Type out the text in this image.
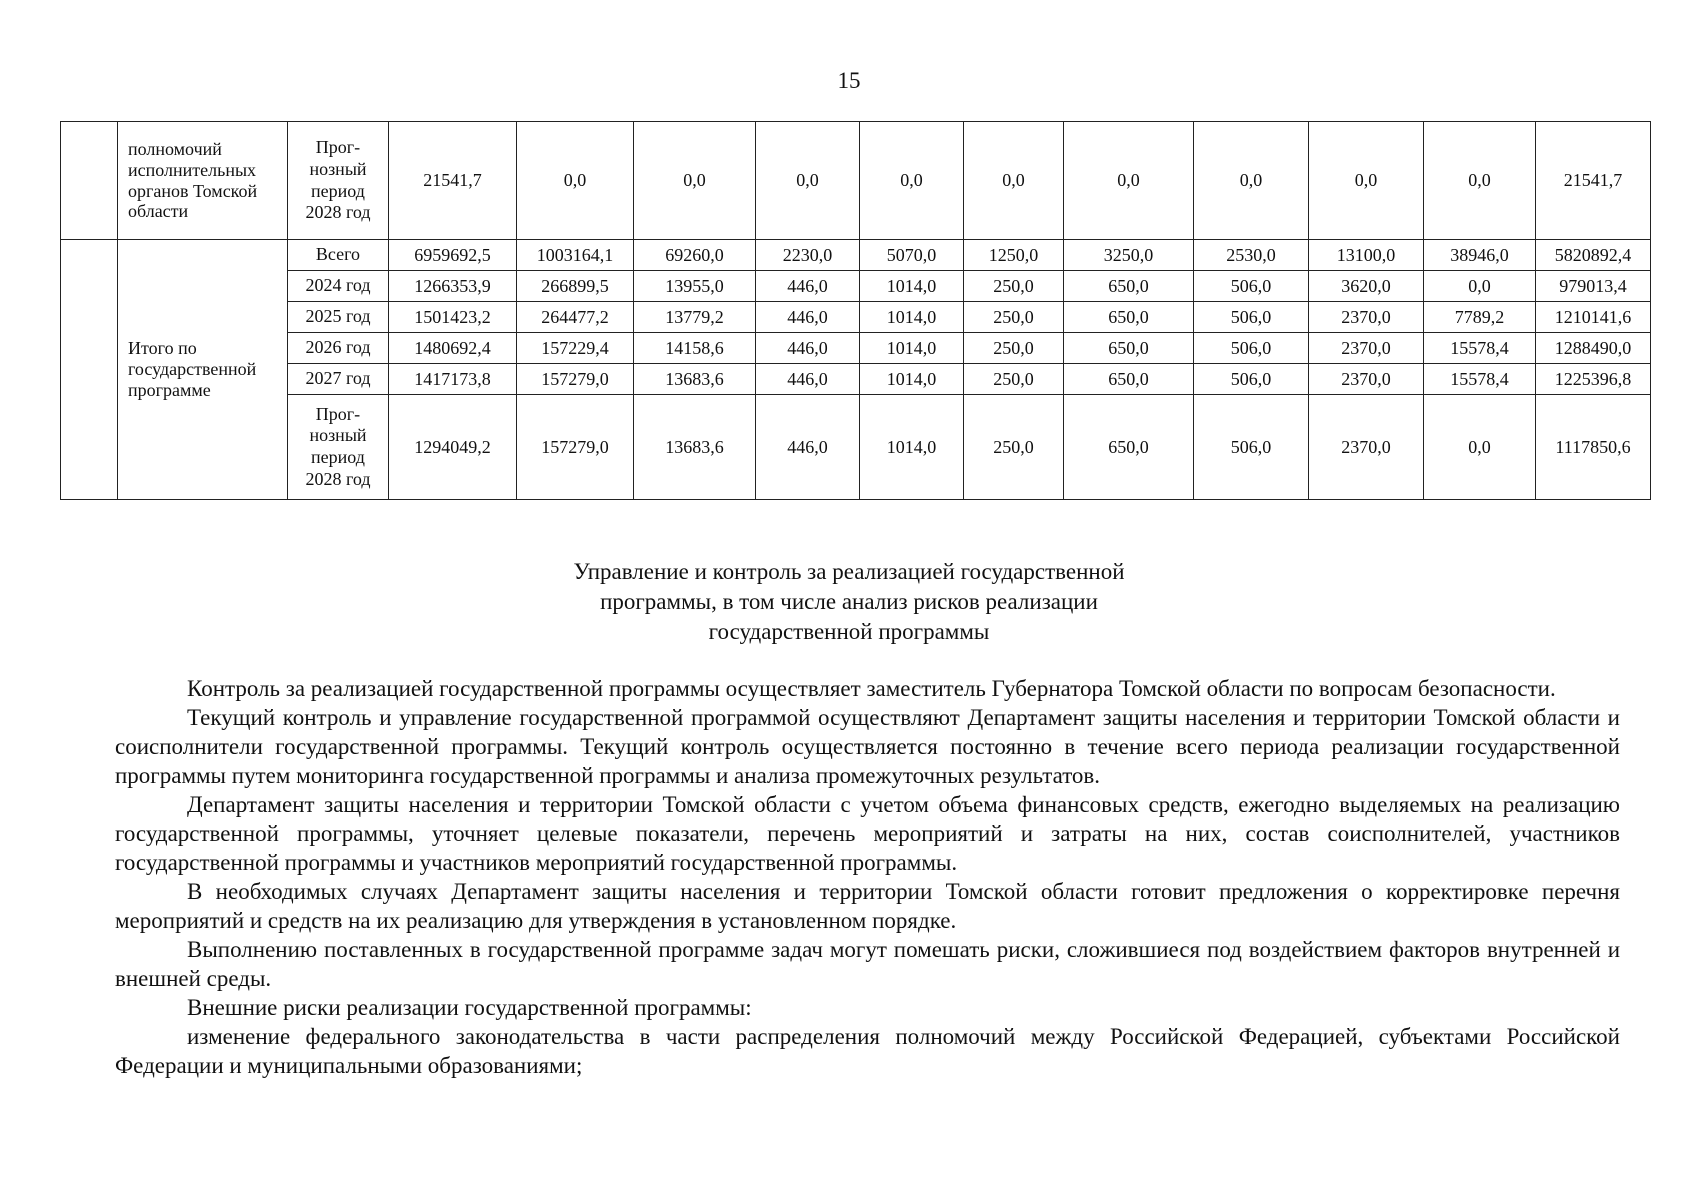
15
	полномочий исполнительных органов Томской области	Прог-нозный период 2028 год	21541,7	0,0	0,0	0,0	0,0	0,0	0,0	0,0	0,0	0,0	21541,7
	Итого по государственной программе	Всего	6959692,5	1003164,1	69260,0	2230,0	5070,0	1250,0	3250,0	2530,0	13100,0	38946,0	5820892,4
		2024 год	1266353,9	266899,5	13955,0	446,0	1014,0	250,0	650,0	506,0	3620,0	0,0	979013,4
		2025 год	1501423,2	264477,2	13779,2	446,0	1014,0	250,0	650,0	506,0	2370,0	7789,2	1210141,6
		2026 год	1480692,4	157229,4	14158,6	446,0	1014,0	250,0	650,0	506,0	2370,0	15578,4	1288490,0
		2027 год	1417173,8	157279,0	13683,6	446,0	1014,0	250,0	650,0	506,0	2370,0	15578,4	1225396,8
		Прог-нозный период 2028 год	1294049,2	157279,0	13683,6	446,0	1014,0	250,0	650,0	506,0	2370,0	0,0	1117850,6
Управление и контроль за реализацией государственной
программы, в том числе анализ рисков реализации
государственной программы

Контроль за реализацией государственной программы осуществляет заместитель Губернатора Томской области по вопросам безопасности.

Текущий контроль и управление государственной программой осуществляют Департамент защиты населения и территории Томской области и соисполнители государственной программы. Текущий контроль осуществляется постоянно в течение всего периода реализации государственной программы путем мониторинга государственной программы и анализа промежуточных результатов.

Департамент защиты населения и территории Томской области с учетом объема финансовых средств, ежегодно выделяемых на реализацию государственной программы, уточняет целевые показатели, перечень мероприятий и затраты на них, состав соисполнителей, участников государственной программы и участников мероприятий государственной программы.

В необходимых случаях Департамент защиты населения и территории Томской области готовит предложения о корректировке перечня мероприятий и средств на их реализацию для утверждения в установленном порядке.

Выполнению поставленных в государственной программе задач могут помешать риски, сложившиеся под воздействием факторов внутренней и внешней среды.

Внешние риски реализации государственной программы:

изменение федерального законодательства в части распределения полномочий между Российской Федерацией, субъектами Российской Федерации и муниципальными образованиями;
